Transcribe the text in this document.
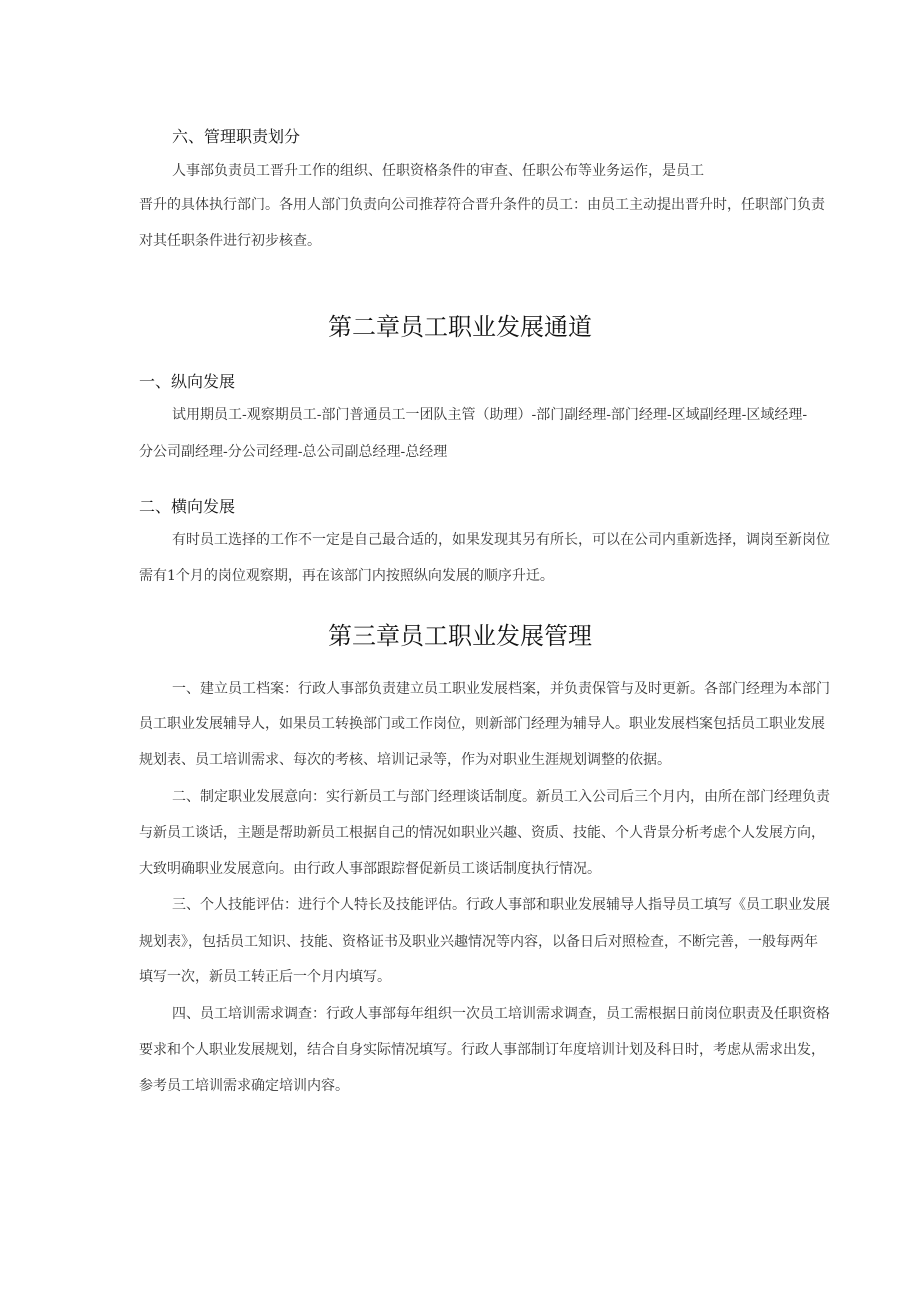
六、管理职责划分
人事部负责员工晋升工作的组织、任职资格条件的审查、任职公布等业务运作，是员工
晋升的具体执行部门。各用人部门负责向公司推荐符合晋升条件的员工：由员工主动提出晋升时，任职部门负责
对其任职条件进行初步核查。
第二章员工职业发展通道
一、纵向发展
试用期员工-观察期员工-部门普通员工一团队主管（助理）-部门副经理-部门经理-区域副经理-区域经理-
分公司副经理-分公司经理-总公司副总经理-总经理
二、横向发展
有时员工选择的工作不一定是自己最合适的，如果发现其另有所长，可以在公司内重新选择，调岗至新岗位
需有1个月的岗位观察期，再在该部门内按照纵向发展的顺序升迁。
第三章员工职业发展管理
一、建立员工档案：行政人事部负责建立员工职业发展档案，并负责保管与及时更新。各部门经理为本部门
员工职业发展辅导人，如果员工转换部门或工作岗位，则新部门经理为辅导人。职业发展档案包括员工职业发展
规划表、员工培训需求、每次的考核、培训记录等，作为对职业生涯规划调整的依据。
二、制定职业发展意向：实行新员工与部门经理谈话制度。新员工入公司后三个月内，由所在部门经理负责
与新员工谈话，主题是帮助新员工根据自己的情况如职业兴趣、资质、技能、个人背景分析考虑个人发展方向，
大致明确职业发展意向。由行政人事部跟踪督促新员工谈话制度执行情况。
三、个人技能评估：进行个人特长及技能评估。行政人事部和职业发展辅导人指导员工填写《员工职业发展
规划表》，包括员工知识、技能、资格证书及职业兴趣情况等内容，以备日后对照检查，不断完善，一般每两年
填写一次，新员工转正后一个月内填写。
四、员工培训需求调查：行政人事部每年组织一次员工培训需求调查，员工需根据日前岗位职责及任职资格
要求和个人职业发展规划，结合自身实际情况填写。行政人事部制订年度培训计划及科日时，考虑从需求出发，
参考员工培训需求确定培训内容。
